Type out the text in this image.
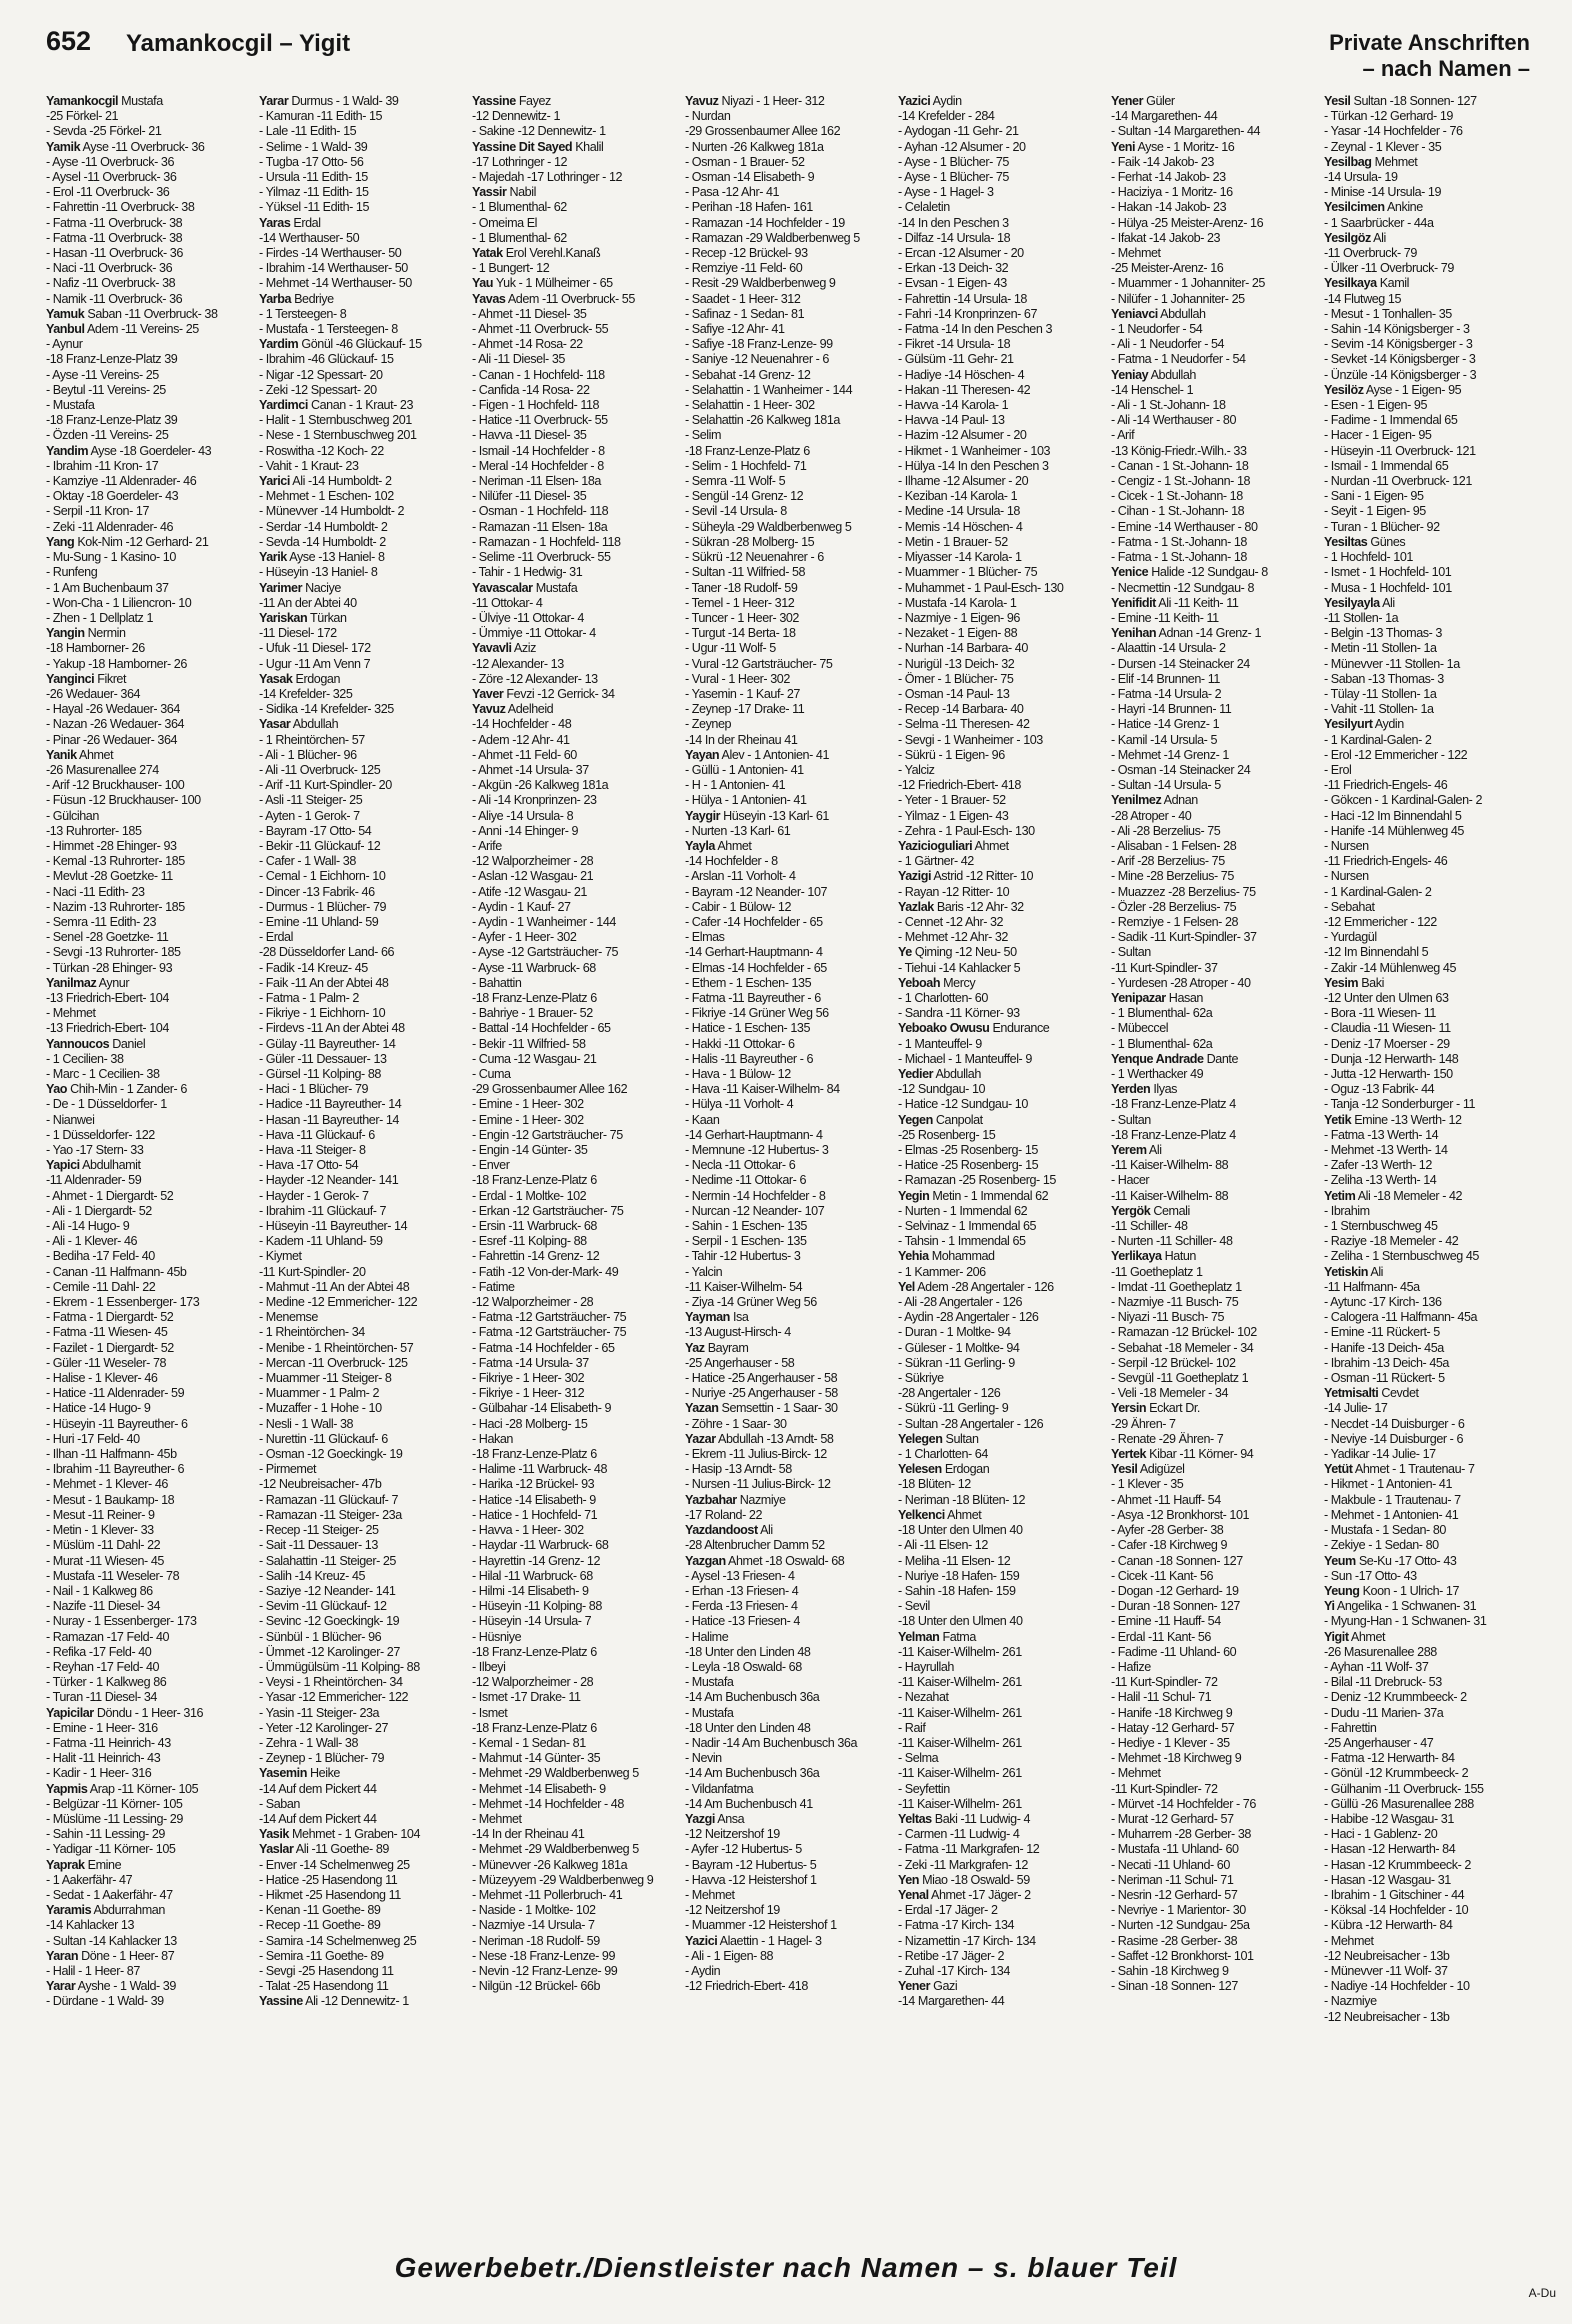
652 Yamankocgil – Yigit	Private Anschriften
– nach Namen –
Yamankocgil Mustafa
-25 Förkel- 21
- Sevda -25 Förkel- 21
Yamik Ayse -11 Overbruck- 36
- Ayse -11 Overbruck- 36
- Aysel -11 Overbruck- 36
- Erol -11 Overbruck- 36
- Fahrettin -11 Overbruck- 38
- Fatma -11 Overbruck- 38
- Fatma -11 Overbruck- 38
- Hasan -11 Overbruck- 36
- Naci -11 Overbruck- 36
- Nafiz -11 Overbruck- 38
- Namik -11 Overbruck- 36
Yamuk Saban -11 Overbruck- 38
Yanbul Adem -11 Vereins- 25
- Aynur
-18 Franz-Lenze-Platz 39
- Ayse -11 Vereins- 25
- Beytul -11 Vereins- 25
- Mustafa
-18 Franz-Lenze-Platz 39
- Özden -11 Vereins- 25
Yandim Ayse -18 Goerdeler- 43
- Ibrahim -11 Kron- 17
- Kamziye -11 Aldenrader- 46
- Oktay -18 Goerdeler- 43
- Serpil -11 Kron- 17
- Zeki -11 Aldenrader- 46
Yang Kok-Nim -12 Gerhard- 21
- Mu-Sung - 1 Kasino- 10
- Runfeng
- 1 Am Buchenbaum 37
- Won-Cha - 1 Liliencron- 10
- Zhen - 1 Dellplatz 1
Yangin Nermin
-18 Hamborner- 26
- Yakup -18 Hamborner- 26
Yanginci Fikret
-26 Wedauer- 364
- Hayal -26 Wedauer- 364
- Nazan -26 Wedauer- 364
- Pinar -26 Wedauer- 364
Yanik Ahmet
-26 Masurenallee 274
- Arif -12 Bruckhauser- 100
- Füsun -12 Bruckhauser- 100
- Gülcihan
-13 Ruhrorter- 185
- Himmet -28 Ehinger- 93
- Kemal -13 Ruhrorter- 185
- Mevlut -28 Goetzke- 11
- Naci -11 Edith- 23
- Nazim -13 Ruhrorter- 185
- Semra -11 Edith- 23
- Senel -28 Goetzke- 11
- Sevgi -13 Ruhrorter- 185
- Türkan -28 Ehinger- 93
Yanilmaz Aynur
-13 Friedrich-Ebert- 104
- Mehmet
-13 Friedrich-Ebert- 104
Yannoucos Daniel
- 1 Cecilien- 38
- Marc - 1 Cecilien- 38
Yao Chih-Min - 1 Zander- 6
- De - 1 Düsseldorfer- 1
- Nianwei
- 1 Düsseldorfer- 122
- Yao -17 Stern- 33
Yapici Abdulhamit
-11 Aldenrader- 59
- Ahmet - 1 Diergardt- 52
- Ali - 1 Diergardt- 52
- Ali -14 Hugo- 9
- Ali - 1 Klever- 46
- Bediha -17 Feld- 40
- Canan -11 Halfmann- 45b
- Cemile -11 Dahl- 22
- Ekrem - 1 Essenberger- 173
- Fatma - 1 Diergardt- 52
- Fatma -11 Wiesen- 45
- Fazilet - 1 Diergardt- 52
- Güler -11 Weseler- 78
- Halise - 1 Klever- 46
- Hatice -11 Aldenrader- 59
- Hatice -14 Hugo- 9
- Hüseyin -11 Bayreuther- 6
- Huri -17 Feld- 40
- Ilhan -11 Halfmann- 45b
- Ibrahim -11 Bayreuther- 6
- Mehmet - 1 Klever- 46
- Mesut - 1 Baukamp- 18
- Mesut -11 Reiner- 9
- Metin - 1 Klever- 33
- Müslüm -11 Dahl- 22
- Murat -11 Wiesen- 45
- Mustafa -11 Weseler- 78
- Nail - 1 Kalkweg 86
- Nazife -11 Diesel- 34
- Nuray - 1 Essenberger- 173
- Ramazan -17 Feld- 40
- Refika -17 Feld- 40
- Reyhan -17 Feld- 40
- Türker - 1 Kalkweg 86
- Turan -11 Diesel- 34
Yapicilar Döndu - 1 Heer- 316
- Emine - 1 Heer- 316
- Fatma -11 Heinrich- 43
- Halit -11 Heinrich- 43
- Kadir - 1 Heer- 316
Yapmis Arap -11 Körner- 105
- Belgüzar -11 Körner- 105
- Müslüme -11 Lessing- 29
- Sahin -11 Lessing- 29
- Yadigar -11 Körner- 105
Yaprak Emine
- 1 Aakerfähr- 47
- Sedat - 1 Aakerfähr- 47
Yaramis Abdurrahman
-14 Kahlacker 13
- Sultan -14 Kahlacker 13
Yaran Döne - 1 Heer- 87
- Halil - 1 Heer- 87
Yarar Ayshe - 1 Wald- 39
- Dürdane - 1 Wald- 39
Yarar Durmus - 1 Wald- 39
- Kamuran -11 Edith- 15
- Lale -11 Edith- 15
- Selime - 1 Wald- 39
- Tugba -17 Otto- 56
- Ursula -11 Edith- 15
- Yilmaz -11 Edith- 15
- Yüksel -11 Edith- 15
Yaras Erdal
-14 Werthauser- 50
- Firdes -14 Werthauser- 50
- Ibrahim -14 Werthauser- 50
- Mehmet -14 Werthauser- 50
Yarba Bedriye
- 1 Tersteegen- 8
- Mustafa - 1 Tersteegen- 8
Yardim Gönül -46 Glückauf- 15
- Ibrahim -46 Glückauf- 15
- Nigar -12 Spessart- 20
- Zeki -12 Spessart- 20
Yardimci Canan - 1 Kraut- 23
- Halit - 1 Sternbuschweg 201
- Nese - 1 Sternbuschweg 201
- Roswitha -12 Koch- 22
- Vahit - 1 Kraut- 23
Yarici Ali -14 Humboldt- 2
- Mehmet - 1 Eschen- 102
- Münevver -14 Humboldt- 2
- Serdar -14 Humboldt- 2
- Sevda -14 Humboldt- 2
Yarik Ayse -13 Haniel- 8
- Hüseyin -13 Haniel- 8
Yarimer Naciye
-11 An der Abtei 40
Yariskan Türkan
-11 Diesel- 172
- Ufuk -11 Diesel- 172
- Ugur -11 Am Venn 7
Yasak Erdogan
-14 Krefelder- 325
- Sidika -14 Krefelder- 325
Yasar Abdullah
- 1 Rheintörchen- 57
- Ali - 1 Blücher- 96
- Ali -11 Overbruck- 125
- Arif -11 Kurt-Spindler- 20
- Asli -11 Steiger- 25
- Ayten - 1 Gerok- 7
- Bayram -17 Otto- 54
- Bekir -11 Glückauf- 12
- Cafer - 1 Wall- 38
- Cemal - 1 Eichhorn- 10
- Dincer -13 Fabrik- 46
- Durmus - 1 Blücher- 79
- Emine -11 Uhland- 59
- Erdal
-28 Düsseldorfer Land- 66
- Fadik -14 Kreuz- 45
- Faik -11 An der Abtei 48
- Fatma - 1 Palm- 2
- Fikriye - 1 Eichhorn- 10
- Firdevs -11 An der Abtei 48
- Gülay -11 Bayreuther- 14
- Güler -11 Dessauer- 13
- Gürsel -11 Kolping- 88
- Haci - 1 Blücher- 79
- Hadice -11 Bayreuther- 14
- Hasan -11 Bayreuther- 14
- Hava -11 Glückauf- 6
- Hava -11 Steiger- 8
- Hava -17 Otto- 54
- Hayder -12 Neander- 141
- Hayder - 1 Gerok- 7
- Ibrahim -11 Glückauf- 7
- Hüseyin -11 Bayreuther- 14
- Kadem -11 Uhland- 59
- Kiymet
-11 Kurt-Spindler- 20
- Mahmut -11 An der Abtei 48
- Medine -12 Emmericher- 122
- Menemse
- 1 Rheintörchen- 34
- Menibe - 1 Rheintörchen- 57
- Mercan -11 Overbruck- 125
- Muammer -11 Steiger- 8
- Muammer - 1 Palm- 2
- Muzaffer - 1 Hohe - 10
- Nesli - 1 Wall- 38
- Nurettin -11 Glückauf- 6
- Osman -12 Goeckingk- 19
- Pirmemet
-12 Neubreisacher- 47b
- Ramazan -11 Glückauf- 7
- Ramazan -11 Steiger- 23a
- Recep -11 Steiger- 25
- Sait -11 Dessauer- 13
- Salahattin -11 Steiger- 25
- Salih -14 Kreuz- 45
- Saziye -12 Neander- 141
- Sevim -11 Glückauf- 12
- Sevinc -12 Goeckingk- 19
- Sünbül - 1 Blücher- 96
- Ümmet -12 Karolinger- 27
- Ümmügülsüm -11 Kolping- 88
- Veysi - 1 Rheintörchen- 34
- Yasar -12 Emmericher- 122
- Yasin -11 Steiger- 23a
- Yeter -12 Karolinger- 27
- Zehra - 1 Wall- 38
- Zeynep - 1 Blücher- 79
Yasemin Heike
-14 Auf dem Pickert 44
- Saban
-14 Auf dem Pickert 44
Yasik Mehmet - 1 Graben- 104
Yaslar Ali -11 Goethe- 89
- Enver -14 Schelmenweg 25
- Hatice -25 Hasendong 11
- Hikmet -25 Hasendong 11
- Kenan -11 Goethe- 89
- Recep -11 Goethe- 89
- Samira -14 Schelmenweg 25
- Semira -11 Goethe- 89
- Sevgi -25 Hasendong 11
- Talat -25 Hasendong 11
Yassine Ali -12 Dennewitz- 1
Yassine Fayez
-12 Dennewitz- 1
- Sakine -12 Dennewitz- 1
Yassine Dit Sayed Khalil
-17 Lothringer - 12
- Majedah -17 Lothringer - 12
Yassir Nabil
- 1 Blumenthal- 62
- Omeima El
- 1 Blumenthal- 62
Yatak Erol Verehl.Kanaß
- 1 Bungert- 12
Yau Yuk - 1 Mülheimer - 65
Yavas Adem -11 Overbruck- 55
- Ahmet -11 Diesel- 35
- Ahmet -11 Overbruck- 55
- Ahmet -14 Rosa- 22
- Ali -11 Diesel- 35
- Canan - 1 Hochfeld- 118
- Canfida -14 Rosa- 22
- Figen - 1 Hochfeld- 118
- Hatice -11 Overbruck- 55
- Havva -11 Diesel- 35
- Ismail -14 Hochfelder - 8
- Meral -14 Hochfelder - 8
- Neriman -11 Elsen- 18a
- Nilüfer -11 Diesel- 35
- Osman - 1 Hochfeld- 118
- Ramazan -11 Elsen- 18a
- Ramazan - 1 Hochfeld- 118
- Selime -11 Overbruck- 55
- Tahir - 1 Hedwig- 31
Yavascalar Mustafa
-11 Ottokar- 4
- Ülviye -11 Ottokar- 4
- Ümmiye -11 Ottokar- 4
Yavavli Aziz
-12 Alexander- 13
- Zöre -12 Alexander- 13
Yaver Fevzi -12 Gerrick- 34
Yavuz Adelheid
-14 Hochfelder - 48
- Adem -12 Ahr- 41
- Ahmet -11 Feld- 60
- Ahmet -14 Ursula- 37
- Akgün -26 Kalkweg 181a
- Ali -14 Kronprinzen- 23
- Aliye -14 Ursula- 8
- Anni -14 Ehinger- 9
- Arife
-12 Walporzheimer - 28
- Aslan -12 Wasgau- 21
- Atife -12 Wasgau- 21
- Aydin - 1 Kauf- 27
- Aydin - 1 Wanheimer - 144
- Ayfer - 1 Heer- 302
- Ayse -12 Gartsträucher- 75
- Ayse -11 Warbruck- 68
- Bahattin
-18 Franz-Lenze-Platz 6
- Bahriye - 1 Brauer- 52
- Battal -14 Hochfelder - 65
- Bekir -11 Wilfried- 58
- Cuma -12 Wasgau- 21
- Cuma
-29 Grossenbaumer Allee 162
- Emine - 1 Heer- 302
- Emine - 1 Heer- 302
- Engin -12 Gartsträucher- 75
- Engin -14 Günter- 35
- Enver
-18 Franz-Lenze-Platz 6
- Erdal - 1 Moltke- 102
- Erkan -12 Gartsträucher- 75
- Ersin -11 Warbruck- 68
- Esref -11 Kolping- 88
- Fahrettin -14 Grenz- 12
- Fatih -12 Von-der-Mark- 49
- Fatime
-12 Walporzheimer - 28
- Fatma -12 Gartsträucher- 75
- Fatma -12 Gartsträucher- 75
- Fatma -14 Hochfelder - 65
- Fatma -14 Ursula- 37
- Fikriye - 1 Heer- 302
- Fikriye - 1 Heer- 312
- Gülbahar -14 Elisabeth- 9
- Haci -28 Molberg- 15
- Hakan
-18 Franz-Lenze-Platz 6
- Halime -11 Warbruck- 48
- Harika -12 Brückel- 93
- Hatice -14 Elisabeth- 9
- Hatice - 1 Hochfeld- 71
- Havva - 1 Heer- 302
- Haydar -11 Warbruck- 68
- Hayrettin -14 Grenz- 12
- Hilal -11 Warbruck- 68
- Hilmi -14 Elisabeth- 9
- Hüseyin -11 Kolping- 88
- Hüseyin -14 Ursula- 7
- Hüsniye
-18 Franz-Lenze-Platz 6
- Ilbeyi
-12 Walporzheimer - 28
- Ismet -17 Drake- 11
- Ismet
-18 Franz-Lenze-Platz 6
- Kemal - 1 Sedan- 81
- Mahmut -14 Günter- 35
- Mehmet -29 Waldberbenweg 5
- Mehmet -14 Elisabeth- 9
- Mehmet -14 Hochfelder - 48
- Mehmet
-14 In der Rheinau 41
- Mehmet -29 Waldberbenweg 5
- Münevver -26 Kalkweg 181a
- Müzeyyem -29 Waldberbenweg 9
- Mehmet -11 Pollerbruch- 41
- Naside - 1 Moltke- 102
- Nazmiye -14 Ursula- 7
- Neriman -18 Rudolf- 59
- Nese -18 Franz-Lenze- 99
- Nevin -12 Franz-Lenze- 99
- Nilgün -12 Brückel- 66b
Yavuz Niyazi - 1 Heer- 312
- Nurdan
-29 Grossenbaumer Allee 162
- Nurten -26 Kalkweg 181a
- Osman - 1 Brauer- 52
- Osman -14 Elisabeth- 9
- Pasa -12 Ahr- 41
- Perihan -18 Hafen- 161
- Ramazan -14 Hochfelder - 19
- Ramazan -29 Waldberbenweg 5
- Recep -12 Brückel- 93
- Remziye -11 Feld- 60
- Resit -29 Waldberbenweg 9
- Saadet - 1 Heer- 312
- Safinaz - 1 Sedan- 81
- Safiye -12 Ahr- 41
- Safiye -18 Franz-Lenze- 99
- Saniye -12 Neuenahrer - 6
- Sebahat -14 Grenz- 12
- Selahattin - 1 Wanheimer - 144
- Selahattin - 1 Heer- 302
- Selahattin -26 Kalkweg 181a
- Selim
-18 Franz-Lenze-Platz 6
- Selim - 1 Hochfeld- 71
- Semra -11 Wolf- 5
- Sengül -14 Grenz- 12
- Sevil -14 Ursula- 8
- Süheyla -29 Waldberbenweg 5
- Sükran -28 Molberg- 15
- Sükrü -12 Neuenahrer - 6
- Sultan -11 Wilfried- 58
- Taner -18 Rudolf- 59
- Temel - 1 Heer- 312
- Tuncer - 1 Heer- 302
- Turgut -14 Berta- 18
- Ugur -11 Wolf- 5
- Vural -12 Gartsträucher- 75
- Vural - 1 Heer- 302
- Yasemin - 1 Kauf- 27
- Zeynep -17 Drake- 11
- Zeynep
-14 In der Rheinau 41
Yayan Alev - 1 Antonien- 41
- Güllü - 1 Antonien- 41
- H - 1 Antonien- 41
- Hülya - 1 Antonien- 41
Yaygir Hüseyin -13 Karl- 61
- Nurten -13 Karl- 61
Yayla Ahmet
-14 Hochfelder - 8
- Arslan -11 Vorholt- 4
- Bayram -12 Neander- 107
- Cabir - 1 Bülow- 12
- Cafer -14 Hochfelder - 65
- Elmas
-14 Gerhart-Hauptmann- 4
- Elmas -14 Hochfelder - 65
- Ethem - 1 Eschen- 135
- Fatma -11 Bayreuther - 6
- Fikriye -14 Grüner Weg 56
- Hatice - 1 Eschen- 135
- Hakki -11 Ottokar- 6
- Halis -11 Bayreuther - 6
- Hava - 1 Bülow- 12
- Hava -11 Kaiser-Wilhelm- 84
- Hülya -11 Vorholt- 4
- Kaan
-14 Gerhart-Hauptmann- 4
- Memnune -12 Hubertus- 3
- Necla -11 Ottokar- 6
- Nedime -11 Ottokar- 6
- Nermin -14 Hochfelder - 8
- Nurcan -12 Neander- 107
- Sahin - 1 Eschen- 135
- Serpil - 1 Eschen- 135
- Tahir -12 Hubertus- 3
- Yalcin
-11 Kaiser-Wilhelm- 54
- Ziya -14 Grüner Weg 56
Yayman Isa
-13 August-Hirsch- 4
Yaz Bayram
-25 Angerhauser - 58
- Hatice -25 Angerhauser - 58
- Nuriye -25 Angerhauser - 58
Yazan Semsettin - 1 Saar- 30
- Zöhre - 1 Saar- 30
Yazar Abdullah -13 Arndt- 58
- Ekrem -11 Julius-Birck- 12
- Hasip -13 Arndt- 58
- Nursen -11 Julius-Birck- 12
Yazbahar Nazmiye
-17 Roland- 22
Yazdandoost Ali
-28 Altenbrucher Damm 52
Yazgan Ahmet -18 Oswald- 68
- Aysel -13 Friesen- 4
- Erhan -13 Friesen- 4
- Ferda -13 Friesen- 4
- Hatice -13 Friesen- 4
- Halime
-18 Unter den Linden 48
- Leyla -18 Oswald- 68
- Mustafa
-14 Am Buchenbusch 36a
- Mustafa
-18 Unter den Linden 48
- Nadir -14 Am Buchenbusch 36a
- Nevin
-14 Am Buchenbusch 36a
- Vildanfatma
-14 Am Buchenbusch 41
Yazgi Ansa
-12 Neitzershof 19
- Ayfer -12 Hubertus- 5
- Bayram -12 Hubertus- 5
- Havva -12 Heistershof 1
- Mehmet
-12 Neitzershof 19
- Muammer -12 Heistershof 1
Yazici Alaettin - 1 Hagel- 3
- Ali - 1 Eigen- 88
- Aydin
-12 Friedrich-Ebert- 418
Yazici Aydin
-14 Krefelder - 284
- Aydogan -11 Gehr- 21
- Ayhan -12 Alsumer - 20
- Ayse - 1 Blücher- 75
- Ayse - 1 Blücher- 75
- Ayse - 1 Hagel- 3
- Celaletin
-14 In den Peschen 3
- Dilfaz -14 Ursula- 18
- Ercan -12 Alsumer - 20
- Erkan -13 Deich- 32
- Evsan - 1 Eigen- 43
- Fahrettin -14 Ursula- 18
- Fahri -14 Kronprinzen- 67
- Fatma -14 In den Peschen 3
- Fikret -14 Ursula- 18
- Gülsüm -11 Gehr- 21
- Hadiye -14 Höschen- 4
- Hakan -11 Theresen- 42
- Havva -14 Karola- 1
- Havva -14 Paul- 13
- Hazim -12 Alsumer - 20
- Hikmet - 1 Wanheimer - 103
- Hülya -14 In den Peschen 3
- Ilhame -12 Alsumer - 20
- Keziban -14 Karola- 1
- Medine -14 Ursula- 18
- Memis -14 Höschen- 4
- Metin - 1 Brauer- 52
- Miyasser -14 Karola- 1
- Muammer - 1 Blücher- 75
- Muhammet - 1 Paul-Esch- 130
- Mustafa -14 Karola- 1
- Nazmiye - 1 Eigen- 96
- Nezaket - 1 Eigen- 88
- Nurhan -14 Barbara- 40
- Nurigül -13 Deich- 32
- Ömer - 1 Blücher- 75
- Osman -14 Paul- 13
- Recep -14 Barbara- 40
- Selma -11 Theresen- 42
- Sevgi - 1 Wanheimer - 103
- Sükrü - 1 Eigen- 96
- Yalciz
-12 Friedrich-Ebert- 418
- Yeter - 1 Brauer- 52
- Yilmaz - 1 Eigen- 43
- Zehra - 1 Paul-Esch- 130
Yazicioguliari Ahmet
- 1 Gärtner- 42
Yazigi Astrid -12 Ritter- 10
- Rayan -12 Ritter- 10
Yazlak Baris -12 Ahr- 32
- Cennet -12 Ahr- 32
- Mehmet -12 Ahr- 32
Ye Qiming -12 Neu- 50
- Tiehui -14 Kahlacker 5
Yeboah Mercy
- 1 Charlotten- 60
- Sandra -11 Körner- 93
Yeboako Owusu Endurance
- 1 Manteuffel- 9
- Michael - 1 Manteuffel- 9
Yedier Abdullah
-12 Sundgau- 10
- Hatice -12 Sundgau- 10
Yegen Canpolat
-25 Rosenberg- 15
- Elmas -25 Rosenberg- 15
- Hatice -25 Rosenberg- 15
- Ramazan -25 Rosenberg- 15
Yegin Metin - 1 Immendal 62
- Nurten - 1 Immendal 62
- Selvinaz - 1 Immendal 65
- Tahsin - 1 Immendal 65
Yehia Mohammad
- 1 Kammer- 206
Yel Adem -28 Angertaler - 126
- Ali -28 Angertaler - 126
- Aydin -28 Angertaler - 126
- Duran - 1 Moltke- 94
- Güleser - 1 Moltke- 94
- Sükran -11 Gerling- 9
- Sükriye
-28 Angertaler - 126
- Sükrü -11 Gerling- 9
- Sultan -28 Angertaler - 126
Yelegen Sultan
- 1 Charlotten- 64
Yelesen Erdogan
-18 Blüten- 12
- Neriman -18 Blüten- 12
Yelkenci Ahmet
-18 Unter den Ulmen 40
- Ali -11 Elsen- 12
- Meliha -11 Elsen- 12
- Nuriye -18 Hafen- 159
- Sahin -18 Hafen- 159
- Sevil
-18 Unter den Ulmen 40
Yelman Fatma
-11 Kaiser-Wilhelm- 261
- Hayrullah
-11 Kaiser-Wilhelm- 261
- Nezahat
-11 Kaiser-Wilhelm- 261
- Raif
-11 Kaiser-Wilhelm- 261
- Selma
-11 Kaiser-Wilhelm- 261
- Seyfettin
-11 Kaiser-Wilhelm- 261
Yeltas Baki -11 Ludwig- 4
- Carmen -11 Ludwig- 4
- Fatma -11 Markgrafen- 12
- Zeki -11 Markgrafen- 12
Yen Miao -18 Oswald- 59
Yenal Ahmet -17 Jäger- 2
- Erdal -17 Jäger- 2
- Fatma -17 Kirch- 134
- Nizamettin -17 Kirch- 134
- Retibe -17 Jäger- 2
- Zuhal -17 Kirch- 134
Yener Gazi
-14 Margarethen- 44
Yener Güler
-14 Margarethen- 44
- Sultan -14 Margarethen- 44
Yeni Ayse - 1 Moritz- 16
- Faik -14 Jakob- 23
- Ferhat -14 Jakob- 23
- Haciziya - 1 Moritz- 16
- Hakan -14 Jakob- 23
- Hülya -25 Meister-Arenz- 16
- Ifakat -14 Jakob- 23
- Mehmet
-25 Meister-Arenz- 16
- Muammer - 1 Johanniter- 25
- Nilüfer - 1 Johanniter- 25
Yeniavci Abdullah
- 1 Neudorfer - 54
- Ali - 1 Neudorfer - 54
- Fatma - 1 Neudorfer - 54
Yeniay Abdullah
-14 Henschel- 1
- Ali - 1 St.-Johann- 18
- Ali -14 Werthauser - 80
- Arif
-13 König-Friedr.-Wilh.- 33
- Canan - 1 St.-Johann- 18
- Cengiz - 1 St.-Johann- 18
- Cicek - 1 St.-Johann- 18
- Cihan - 1 St.-Johann- 18
- Emine -14 Werthauser - 80
- Fatma - 1 St.-Johann- 18
- Fatma - 1 St.-Johann- 18
Yenice Halide -12 Sundgau- 8
- Necmettin -12 Sundgau- 8
Yenifidit Ali -11 Keith- 11
- Emine -11 Keith- 11
Yenihan Adnan -14 Grenz- 1
- Alaattin -14 Ursula- 2
- Dursen -14 Steinacker 24
- Elif -14 Brunnen- 11
- Fatma -14 Ursula- 2
- Hayri -14 Brunnen- 11
- Hatice -14 Grenz- 1
- Kamil -14 Ursula- 5
- Mehmet -14 Grenz- 1
- Osman -14 Steinacker 24
- Sultan -14 Ursula- 5
Yenilmez Adnan
-28 Atroper - 40
- Ali -28 Berzelius- 75
- Alisaban - 1 Felsen- 28
- Arif -28 Berzelius- 75
- Mine -28 Berzelius- 75
- Muazzez -28 Berzelius- 75
- Özler -28 Berzelius- 75
- Remziye - 1 Felsen- 28
- Sadik -11 Kurt-Spindler- 37
- Sultan
-11 Kurt-Spindler- 37
- Yurdesen -28 Atroper - 40
Yenipazar Hasan
- 1 Blumenthal- 62a
- Mübeccel
- 1 Blumenthal- 62a
Yenque Andrade Dante
- 1 Werthacker 49
Yerden Ilyas
-18 Franz-Lenze-Platz 4
- Sultan
-18 Franz-Lenze-Platz 4
Yerem Ali
-11 Kaiser-Wilhelm- 88
- Hacer
-11 Kaiser-Wilhelm- 88
Yergök Cemali
-11 Schiller- 48
- Nurten -11 Schiller- 48
Yerlikaya Hatun
-11 Goetheplatz 1
- Imdat -11 Goetheplatz 1
- Nazmiye -11 Busch- 75
- Niyazi -11 Busch- 75
- Ramazan -12 Brückel- 102
- Sebahat -18 Memeler - 34
- Serpil -12 Brückel- 102
- Sevgül -11 Goetheplatz 1
- Veli -18 Memeler - 34
Yersin Eckart Dr.
-29 Ähren- 7
- Renate -29 Ähren- 7
Yertek Kibar -11 Körner- 94
Yesil Adigüzel
- 1 Klever - 35
- Ahmet -11 Hauff- 54
- Asya -12 Bronkhorst- 101
- Ayfer -28 Gerber- 38
- Cafer -18 Kirchweg 9
- Canan -18 Sonnen- 127
- Cicek -11 Kant- 56
- Dogan -12 Gerhard- 19
- Duran -18 Sonnen- 127
- Emine -11 Hauff- 54
- Erdal -11 Kant- 56
- Fadime -11 Uhland- 60
- Hafize
-11 Kurt-Spindler- 72
- Halil -11 Schul- 71
- Hanife -18 Kirchweg 9
- Hatay -12 Gerhard- 57
- Hediye - 1 Klever - 35
- Mehmet -18 Kirchweg 9
- Mehmet
-11 Kurt-Spindler- 72
- Mürvet -14 Hochfelder - 76
- Murat -12 Gerhard- 57
- Muharrem -28 Gerber- 38
- Mustafa -11 Uhland- 60
- Necati -11 Uhland- 60
- Neriman -11 Schul- 71
- Nesrin -12 Gerhard- 57
- Nevriye - 1 Marientor- 30
- Nurten -12 Sundgau- 25a
- Rasime -28 Gerber- 38
- Saffet -12 Bronkhorst- 101
- Sahin -18 Kirchweg 9
- Sinan -18 Sonnen- 127
Yesil Sultan -18 Sonnen- 127
- Türkan -12 Gerhard- 19
- Yasar -14 Hochfelder - 76
- Zeynal - 1 Klever - 35
Yesilbag Mehmet
-14 Ursula- 19
- Minise -14 Ursula- 19
Yesilcimen Ankine
- 1 Saarbrücker - 44a
Yesilgöz Ali
-11 Overbruck- 79
- Ülker -11 Overbruck- 79
Yesilkaya Kamil
-14 Flutweg 15
- Mesut - 1 Tonhallen- 35
- Sahin -14 Königsberger - 3
- Sevim -14 Königsberger - 3
- Sevket -14 Königsberger - 3
- Ünzüle -14 Königsberger - 3
Yesilöz Ayse - 1 Eigen- 95
- Esen - 1 Eigen- 95
- Fadime - 1 Immendal 65
- Hacer - 1 Eigen- 95
- Hüseyin -11 Overbruck- 121
- Ismail - 1 Immendal 65
- Nurdan -11 Overbruck- 121
- Sani - 1 Eigen- 95
- Seyit - 1 Eigen- 95
- Turan - 1 Blücher- 92
Yesiltas Günes
- 1 Hochfeld- 101
- Ismet - 1 Hochfeld- 101
- Musa - 1 Hochfeld- 101
Yesilyayla Ali
-11 Stollen- 1a
- Belgin -13 Thomas- 3
- Metin -11 Stollen- 1a
- Münevver -11 Stollen- 1a
- Saban -13 Thomas- 3
- Tülay -11 Stollen- 1a
- Vahit -11 Stollen- 1a
Yesilyurt Aydin
- 1 Kardinal-Galen- 2
- Erol -12 Emmericher - 122
- Erol
-11 Friedrich-Engels- 46
- Gökcen - 1 Kardinal-Galen- 2
- Haci -12 Im Binnendahl 5
- Hanife -14 Mühlenweg 45
- Nursen
-11 Friedrich-Engels- 46
- Nursen
- 1 Kardinal-Galen- 2
- Sebahat
-12 Emmericher - 122
- Yurdagül
-12 Im Binnendahl 5
- Zakir -14 Mühlenweg 45
Yesim Baki
-12 Unter den Ulmen 63
- Bora -11 Wiesen- 11
- Claudia -11 Wiesen- 11
- Deniz -17 Moerser - 29
- Dunja -12 Herwarth- 148
- Jutta -12 Herwarth- 150
- Oguz -13 Fabrik- 44
- Tanja -12 Sonderburger - 11
Yetik Emine -13 Werth- 12
- Fatma -13 Werth- 14
- Mehmet -13 Werth- 14
- Zafer -13 Werth- 12
- Zeliha -13 Werth- 14
Yetim Ali -18 Memeler - 42
- Ibrahim
- 1 Sternbuschweg 45
- Raziye -18 Memeler - 42
- Zeliha - 1 Sternbuschweg 45
Yetiskin Ali
-11 Halfmann- 45a
- Aytunc -17 Kirch- 136
- Calogera -11 Halfmann- 45a
- Emine -11 Rückert- 5
- Hanife -13 Deich- 45a
- Ibrahim -13 Deich- 45a
- Osman -11 Rückert- 5
Yetmisalti Cevdet
-14 Julie- 17
- Necdet -14 Duisburger - 6
- Neviye -14 Duisburger - 6
- Yadikar -14 Julie- 17
Yetüt Ahmet - 1 Trautenau- 7
- Hikmet - 1 Antonien- 41
- Makbule - 1 Trautenau- 7
- Mehmet - 1 Antonien- 41
- Mustafa - 1 Sedan- 80
- Zekiye - 1 Sedan- 80
Yeum Se-Ku -17 Otto- 43
- Sun -17 Otto- 43
Yeung Koon - 1 Ulrich- 17
Yi Angelika - 1 Schwanen- 31
- Myung-Han - 1 Schwanen- 31
Yigit Ahmet
-26 Masurenallee 288
- Ayhan -11 Wolf- 37
- Bilal -11 Drebruck- 53
- Deniz -12 Krummbeeck- 2
- Dudu -11 Marien- 37a
- Fahrettin
-25 Angerhauser - 47
- Fatma -12 Herwarth- 84
- Gönül -12 Krummbeeck- 2
- Gülhanim -11 Overbruck- 155
- Güllü -26 Masurenallee 288
- Habibe -12 Wasgau- 31
- Haci - 1 Gablenz- 20
- Hasan -12 Herwarth- 84
- Hasan -12 Krummbeeck- 2
- Hasan -12 Wasgau- 31
- Ibrahim - 1 Gitschiner - 44
- Köksal -14 Hochfelder - 10
- Kübra -12 Herwarth- 84
- Mehmet
-12 Neubreisacher - 13b
- Münevver -11 Wolf- 37
- Nadiye -14 Hochfelder - 10
- Nazmiye
-12 Neubreisacher - 13b
Gewerbebetr./Dienstleister nach Namen – s. blauer Teil
A-Du
